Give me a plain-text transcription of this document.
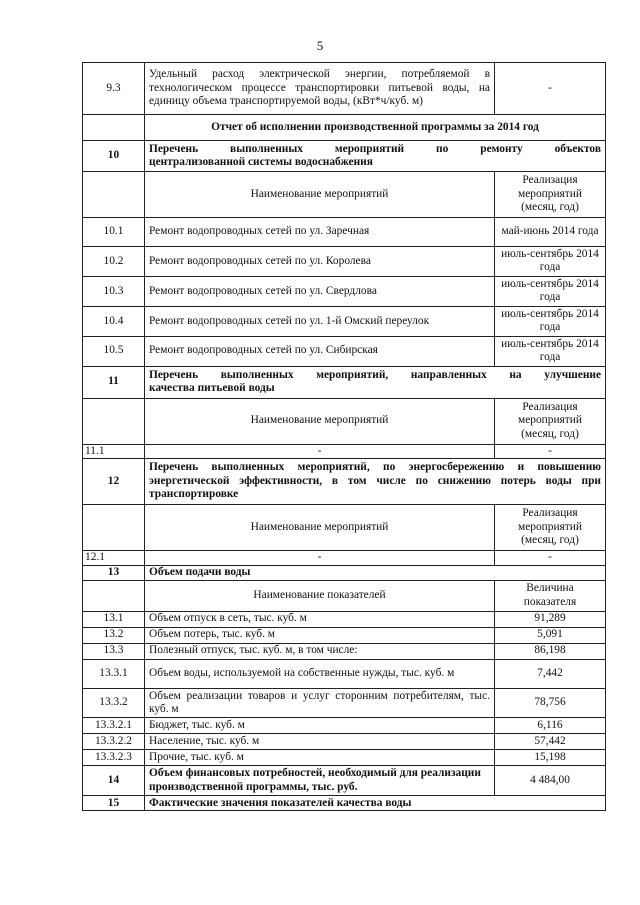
5
9.3	Удельный расход электрической энергии, потребляемой в технологическом процессе транспортировки питьевой воды, на единицу объема транспортируемой воды, (кВт*ч/куб. м)	-
	Отчет об исполнении производственной программы за 2014 год	
10	Перечень выполненных мероприятий по ремонту объектов
централизованной системы водоснабжения	

	Наименование мероприятий	Реализация мероприятий (месяц, год)
10.1	Ремонт водопроводных сетей по ул. Заречная	май-июнь 2014 года
10.2	Ремонт водопроводных сетей по ул. Королева	июль-сентябрь 2014 года
10.3	Ремонт водопроводных сетей по ул. Свердлова	июль-сентябрь 2014 года
10.4	Ремонт водопроводных сетей по ул. 1-й Омский переулок	июль-сентябрь 2014 года
10.5	Ремонт водопроводных сетей по ул. Сибирская	июль-сентябрь 2014 года
11	Перечень выполненных мероприятий, направленных на улучшение
качества питьевой воды	

	Наименование мероприятий	Реализация мероприятий (месяц, год)
11.1	-	-
12	Перечень выполненных мероприятий, по энергосбережению и повышению энергетической эффективности, в том числе по снижению потерь воды при транспортировке	
	Наименование мероприятий	Реализация мероприятий (месяц, год)
12.1	-	-
13	Объем подачи воды	
	Наименование показателей	Величина показателя
13.1	Объем отпуск в сеть, тыс. куб. м	91,289
13.2	Объем потерь, тыс. куб. м	5,091
13.3	Полезный отпуск, тыс. куб. м, в том числе:	86,198
13.3.1	Объем воды, используемой на собственные нужды, тыс. куб. м	7,442
13.3.2	Объем реализации товаров и услуг сторонним потребителям, тыс. куб. м	78,756
13.3.2.1	Бюджет, тыс. куб. м	6,116
13.3.2.2	Население, тыс. куб. м	57,442
13.3.2.3	Прочие, тыс. куб. м	15,198
14	Объем финансовых потребностей, необходимый для реализации производственной программы, тыс. руб.	4 484,00
15	Фактические значения показателей качества воды	
